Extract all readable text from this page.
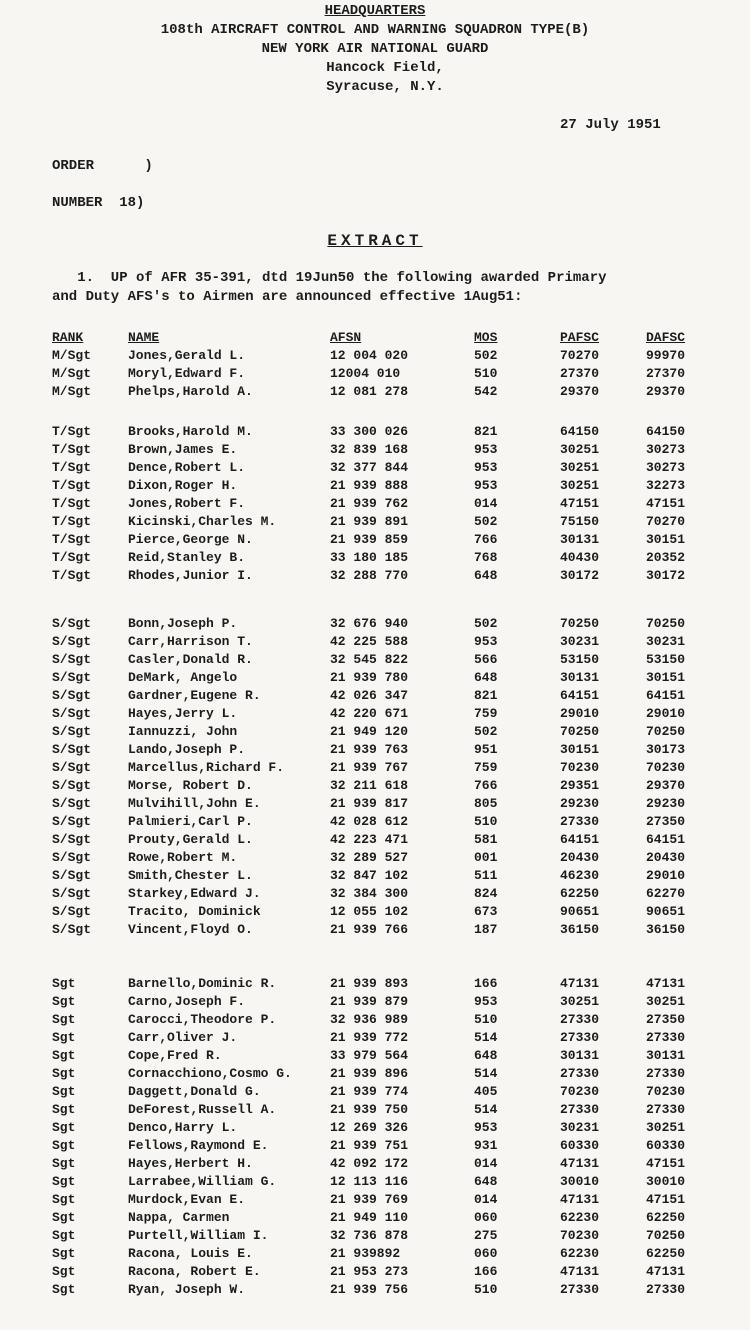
HEADQUARTERS
108th AIRCRAFT CONTROL AND WARNING SQUADRON TYPE(B)
NEW YORK AIR NATIONAL GUARD
Hancock Field,
Syracuse, N.Y.
27 July 1951
ORDER      )
NUMBER  18)
EXTRACT
1.  UP of AFR 35-391, dtd 19Jun50 the following awarded Primary
and Duty AFS's to Airmen are announced effective 1Aug51:
RANK	NAME	AFSN	MOS	PAFSC	DAFSC
M/Sgt	Jones,Gerald L.	12 004 020	502	70270	99970
M/Sgt	Moryl,Edward F.	12004 010	510	27370	27370
M/Sgt	Phelps,Harold A.	12 081 278	542	29370	29370
T/Sgt	Brooks,Harold M.	33 300 026	821	64150	64150
T/Sgt	Brown,James E.	32 839 168	953	30251	30273
T/Sgt	Dence,Robert L.	32 377 844	953	30251	30273
T/Sgt	Dixon,Roger H.	21 939 888	953	30251	32273
T/Sgt	Jones,Robert F.	21 939 762	014	47151	47151
T/Sgt	Kicinski,Charles M.	21 939 891	502	75150	70270
T/Sgt	Pierce,George N.	21 939 859	766	30131	30151
T/Sgt	Reid,Stanley B.	33 180 185	768	40430	20352
T/Sgt	Rhodes,Junior I.	32 288 770	648	30172	30172
S/Sgt	Bonn,Joseph P.	32 676 940	502	70250	70250
S/Sgt	Carr,Harrison T.	42 225 588	953	30231	30231
S/Sgt	Casler,Donald R.	32 545 822	566	53150	53150
S/Sgt	DeMark, Angelo	21 939 780	648	30131	30151
S/Sgt	Gardner,Eugene R.	42 026 347	821	64151	64151
S/Sgt	Hayes,Jerry L.	42 220 671	759	29010	29010
S/Sgt	Iannuzzi, John	21 949 120	502	70250	70250
S/Sgt	Lando,Joseph P.	21 939 763	951	30151	30173
S/Sgt	Marcellus,Richard F.	21 939 767	759	70230	70230
S/Sgt	Morse, Robert D.	32 211 618	766	29351	29370
S/Sgt	Mulvihill,John E.	21 939 817	805	29230	29230
S/Sgt	Palmieri,Carl P.	42 028 612	510	27330	27350
S/Sgt	Prouty,Gerald L.	42 223 471	581	64151	64151
S/Sgt	Rowe,Robert M.	32 289 527	001	20430	20430
S/Sgt	Smith,Chester L.	32 847 102	511	46230	29010
S/Sgt	Starkey,Edward J.	32 384 300	824	62250	62270
S/Sgt	Tracito, Dominick	12 055 102	673	90651	90651
S/Sgt	Vincent,Floyd O.	21 939 766	187	36150	36150
Sgt	Barnello,Dominic R.	21 939 893	166	47131	47131
Sgt	Carno,Joseph F.	21 939 879	953	30251	30251
Sgt	Carocci,Theodore P.	32 936 989	510	27330	27350
Sgt	Carr,Oliver J.	21 939 772	514	27330	27330
Sgt	Cope,Fred R.	33 979 564	648	30131	30131
Sgt	Cornacchiono,Cosmo G.	21 939 896	514	27330	27330
Sgt	Daggett,Donald G.	21 939 774	405	70230	70230
Sgt	DeForest,Russell A.	21 939 750	514	27330	27330
Sgt	Denco,Harry L.	12 269 326	953	30231	30251
Sgt	Fellows,Raymond E.	21 939 751	931	60330	60330
Sgt	Hayes,Herbert H.	42 092 172	014	47131	47151
Sgt	Larrabee,William G.	12 113 116	648	30010	30010
Sgt	Murdock,Evan E.	21 939 769	014	47131	47151
Sgt	Nappa, Carmen	21 949 110	060	62230	62250
Sgt	Purtell,William I.	32 736 878	275	70230	70250
Sgt	Racona, Louis E.	21 939892	060	62230	62250
Sgt	Racona, Robert E.	21 953 273	166	47131	47131
Sgt	Ryan, Joseph W.	21 939 756	510	27330	27330
